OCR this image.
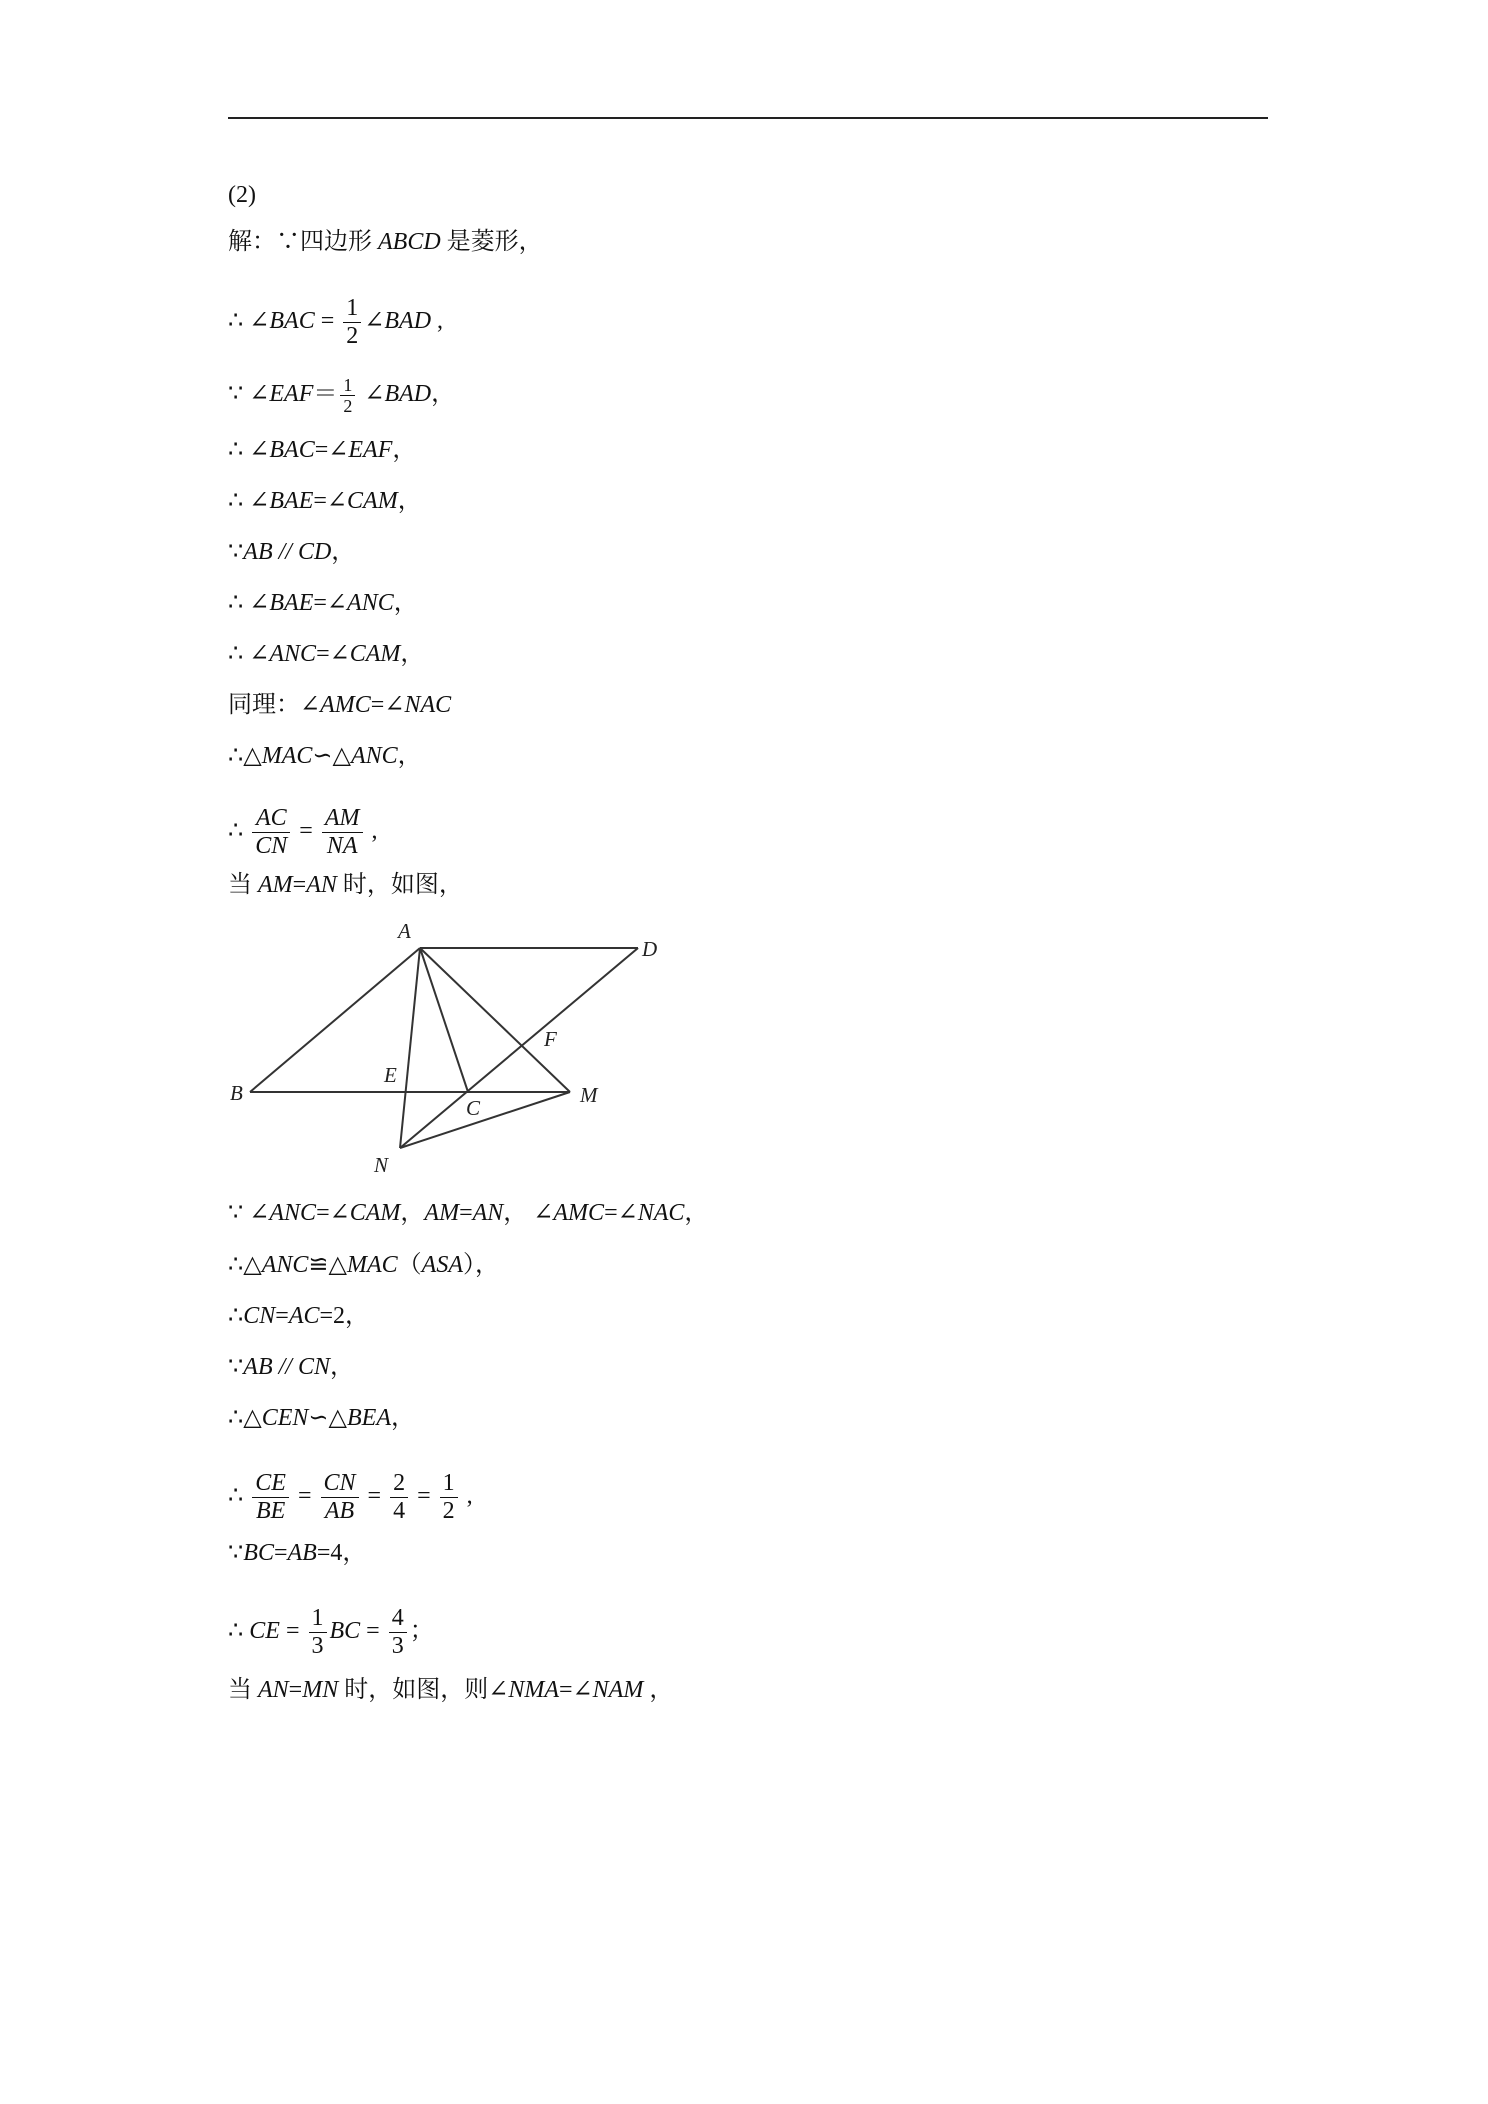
(2)
解：∵四边形 ABCD 是菱形，
∴ ∠BAC = $\frac{1}{2}$ ∠BAD ,
∵ ∠EAF＝ $\frac{1}{2}$ ∠BAD，
∴ ∠BAC=∠EAF，
∴ ∠BAE=∠CAM，
∵AB // CD，
∴ ∠BAE=∠ANC，
∴ ∠ANC=∠CAM，
同理：∠AMC=∠NAC
∴△MAC∽△ANC，
∴ $\frac{AC}{CN} = \frac{AM}{NA}$ ,
当 AM=AN 时，如图，
A
D
B
E
C
F
M
N
∵ ∠ANC=∠CAM，AM=AN， ∠AMC=∠NAC，
∴△ANC≌△MAC（ASA），
∴CN=AC=2，
∵AB // CN，
∴△CEN∽△BEA，
∴ $\frac{CE}{BE} = \frac{CN}{AB} = \frac{2}{4} = \frac{1}{2}$ ,
∵BC=AB=4，
∴ CE = $\frac{1}{3}$ BC = $\frac{4}{3}$ ；
当 AN=MN 时，如图，则∠NMA=∠NAM ，
